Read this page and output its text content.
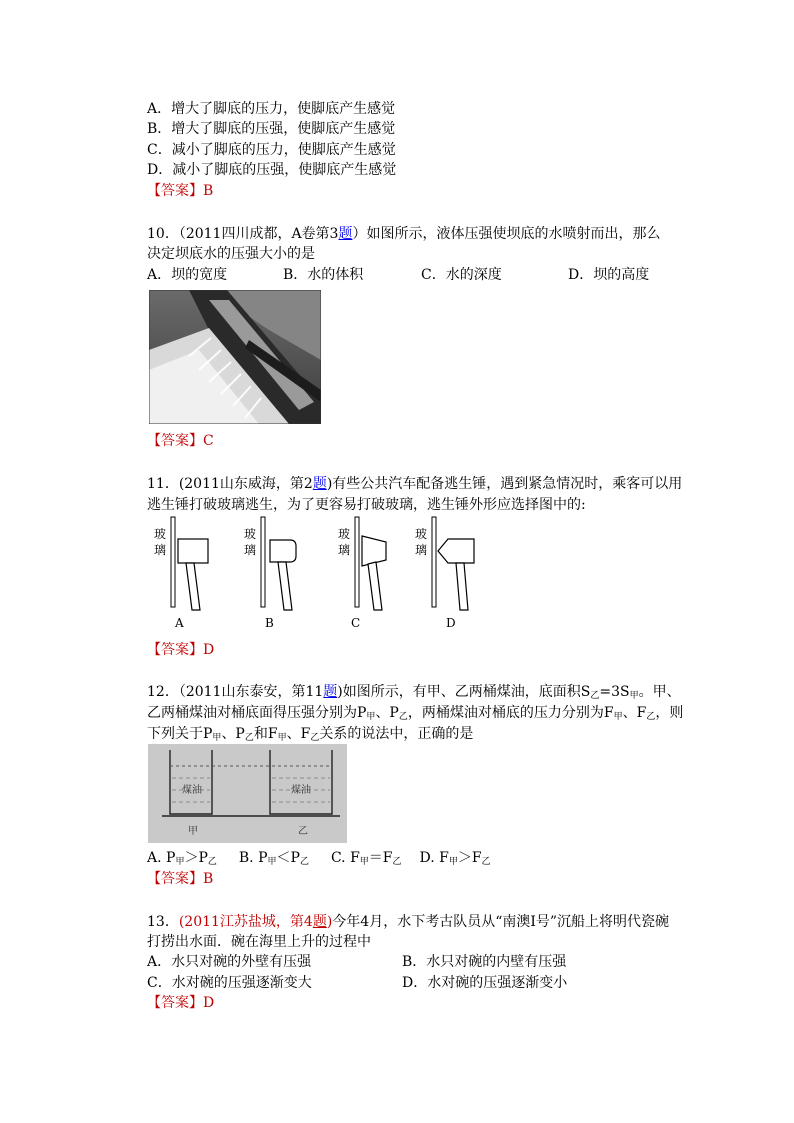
A．增大了脚底的压力，使脚底产生感觉
B．增大了脚底的压强，使脚底产生感觉
C．减小了脚底的压力，使脚底产生感觉
D．减小了脚底的压强，使脚底产生感觉
【答案】B
10．（2011四川成都，A卷第3题）如图所示，液体压强使坝底的水喷射而出，那么
决定坝底水的压强大小的是
A．坝的宽度	B．水的体积	C．水的深度	D．坝的高度
【答案】C
11．(2011山东威海，第2题)有些公共汽车配备逃生锤，遇到紧急情况时，乘客可以用
逃生锤打破玻璃逃生，为了更容易打破玻璃，逃生锤外形应选择图中的:
玻
璃
A
玻
璃
B
玻
璃
C
玻
璃
D
【答案】D
12．（2011山东泰安，第11题)如图所示，有甲、乙两桶煤油，底面积$S_乙=3S_甲$。甲、
乙两桶煤油对桶底面得压强分别为$P_甲$、$P_乙$，两桶煤油对桶底的压力分别为$F_甲$、$F_乙$，则
下列关于$P_甲$、$P_乙$和$F_甲$、$F_乙$关系的说法中，正确的是
煤油	煤油
甲	乙
A. $P_甲>P_乙$ B. $P_甲<P_乙$ C. $F_甲=F_乙$ D. $F_甲>F_乙$
【答案】B
13．(2011江苏盐城，第4题)今年4月，水下考古队员从“南澳Ⅰ号”沉船上将明代瓷碗
打捞出水面．碗在海里上升的过程中
A．水只对碗的外壁有压强	B．水只对碗的内壁有压强
C．水对碗的压强逐渐变大	D．水对碗的压强逐渐变小
【答案】D
